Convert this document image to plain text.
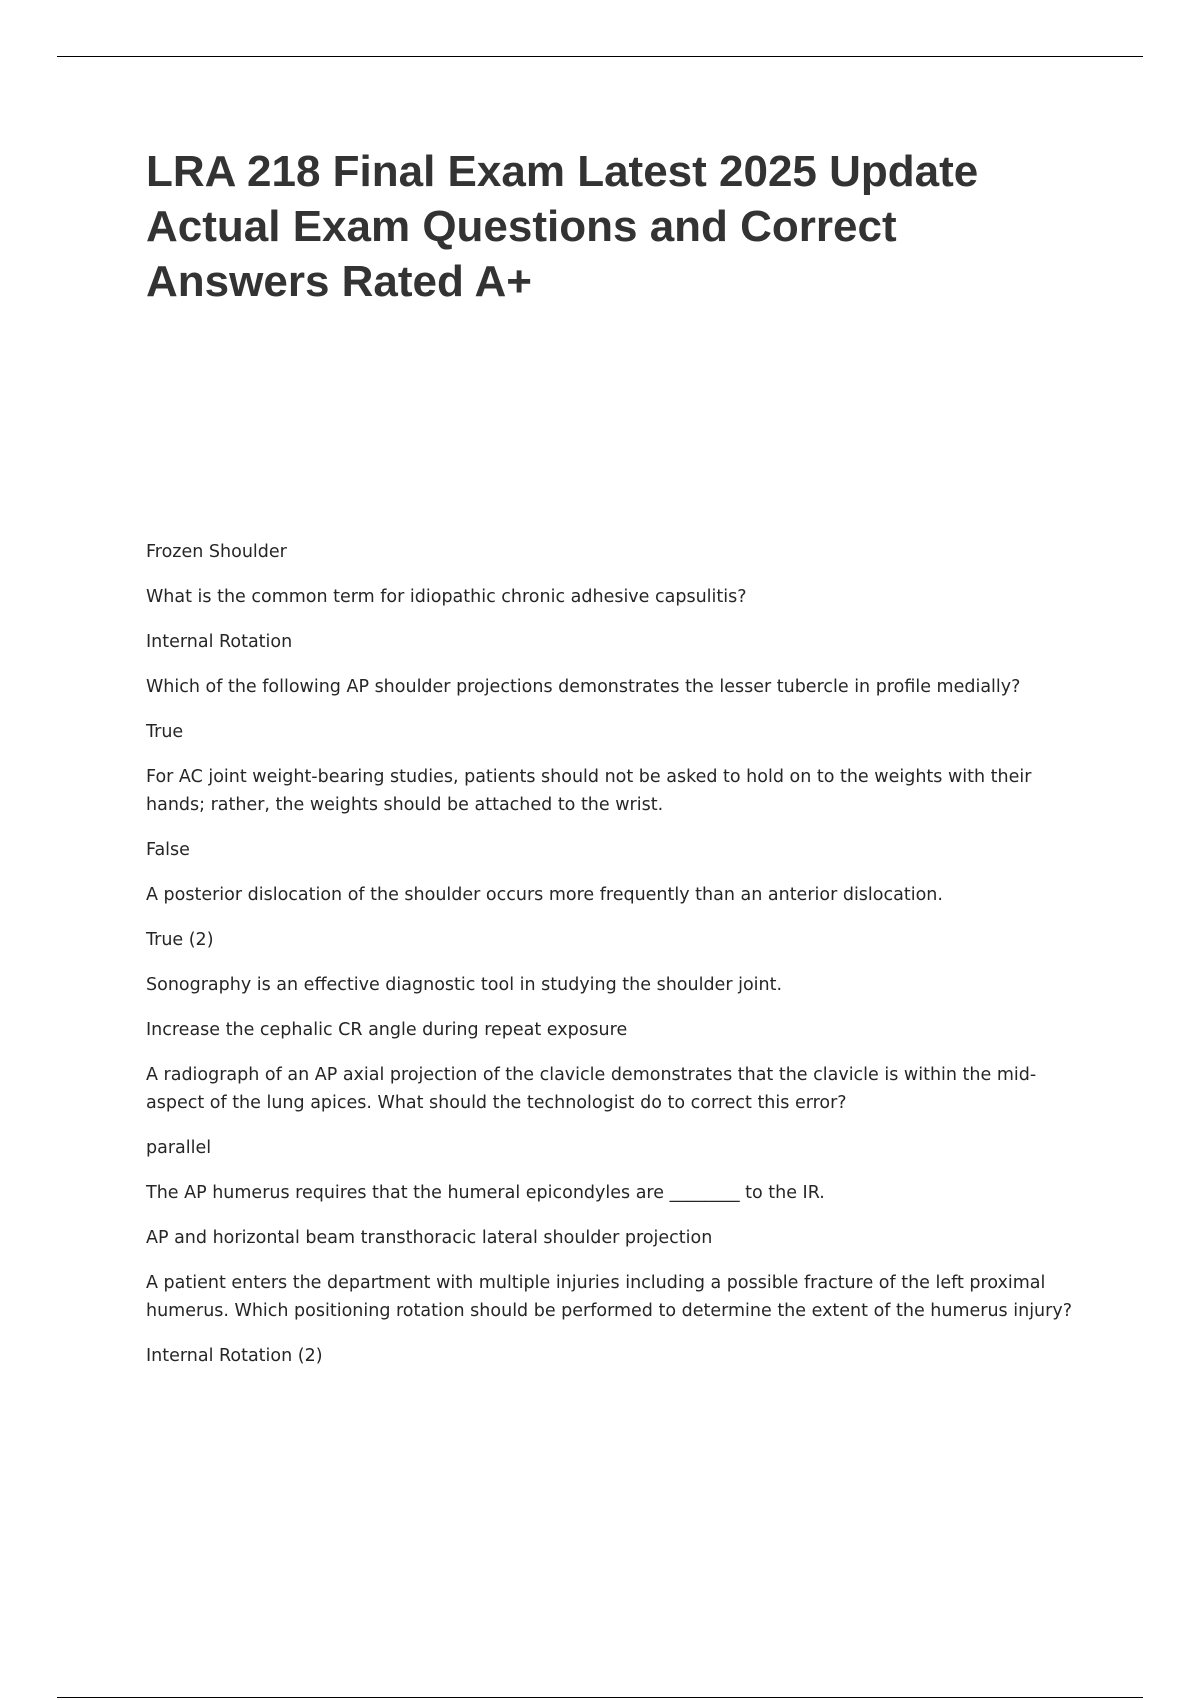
LRA 218 Final Exam Latest 2025 Update Actual Exam Questions and Correct Answers Rated A+

Frozen Shoulder

What is the common term for idiopathic chronic adhesive capsulitis?

Internal Rotation

Which of the following AP shoulder projections demonstrates the lesser tubercle in profile medially?

True

For AC joint weight-bearing studies, patients should not be asked to hold on to the weights with their hands; rather, the weights should be attached to the wrist.

False

A posterior dislocation of the shoulder occurs more frequently than an anterior dislocation.

True (2)

Sonography is an effective diagnostic tool in studying the shoulder joint.

Increase the cephalic CR angle during repeat exposure

A radiograph of an AP axial projection of the clavicle demonstrates that the clavicle is within the mid-aspect of the lung apices. What should the technologist do to correct this error?

parallel

The AP humerus requires that the humeral epicondyles are ________ to the IR.

AP and horizontal beam transthoracic lateral shoulder projection

A patient enters the department with multiple injuries including a possible fracture of the left proximal humerus. Which positioning rotation should be performed to determine the extent of the humerus injury?

Internal Rotation (2)
